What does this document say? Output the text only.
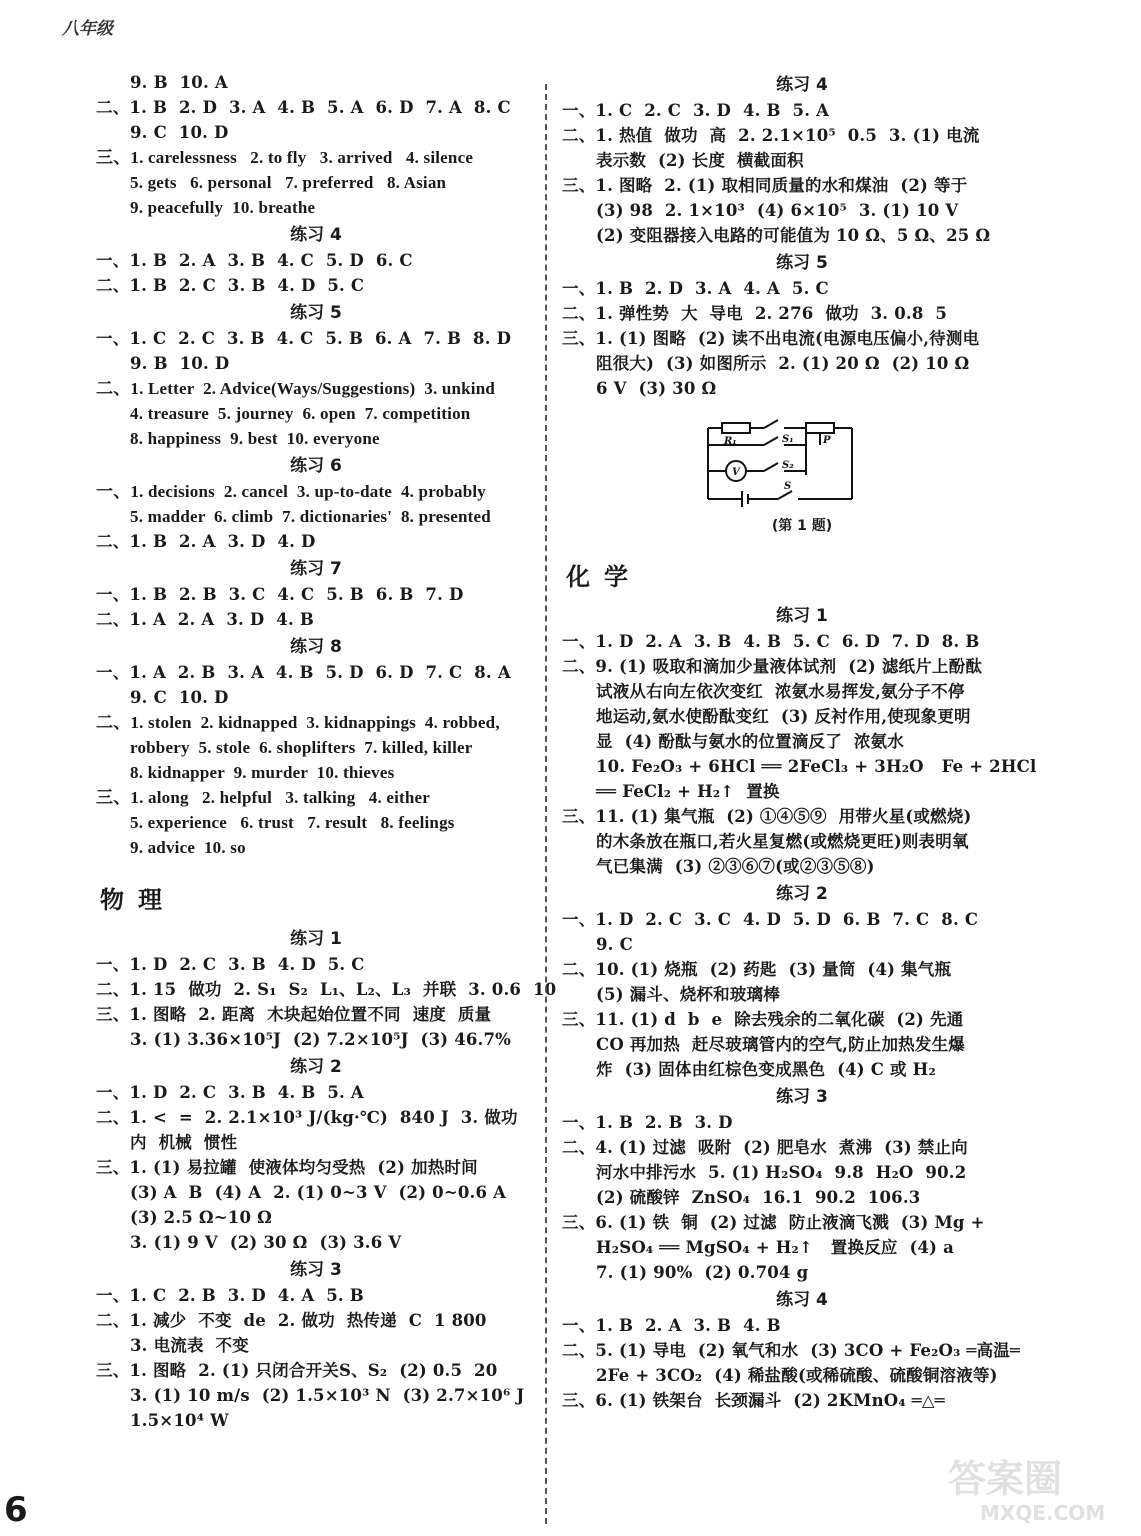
八年级
9. B  10. A
二、1. B  2. D  3. A  4. B  5. A  6. D  7. A  8. C
9. C  10. D
三、1. carelessness   2. to fly   3. arrived   4. silence
5. gets   6. personal   7. preferred   8. Asian
9. peacefully  10. breathe
练习 4
一、1. B  2. A  3. B  4. C  5. D  6. C
二、1. B  2. C  3. B  4. D  5. C
练习 5
一、1. C  2. C  3. B  4. C  5. B  6. A  7. B  8. D
9. B  10. D
二、1. Letter  2. Advice(Ways/Suggestions)  3. unkind
4. treasure  5. journey  6. open  7. competition
8. happiness  9. best  10. everyone
练习 6
一、1. decisions  2. cancel  3. up-to-date  4. probably
5. madder  6. climb  7. dictionaries'  8. presented
二、1. B  2. A  3. D  4. D
练习 7
一、1. B  2. B  3. C  4. C  5. B  6. B  7. D
二、1. A  2. A  3. D  4. B
练习 8
一、1. A  2. B  3. A  4. B  5. D  6. D  7. C  8. A
9. C  10. D
二、1. stolen  2. kidnapped  3. kidnappings  4. robbed,
robbery  5. stole  6. shoplifters  7. killed, killer
8. kidnapper  9. murder  10. thieves
三、1. along   2. helpful   3. talking   4. either
5. experience   6. trust   7. result   8. feelings
9. advice  10. so
物理
练习 1
一、1. D  2. C  3. B  4. D  5. C
二、1. 15  做功  2. S₁  S₂  L₁、L₂、L₃  并联  3. 0.6  10
三、1. 图略  2. 距离  木块起始位置不同  速度  质量
3. (1) 3.36×10⁵J  (2) 7.2×10⁵J  (3) 46.7%
练习 2
一、1. D  2. C  3. B  4. B  5. A
二、1. <  =  2. 2.1×10³ J/(kg·℃)  840 J  3. 做功
内  机械  惯性
三、1. (1) 易拉罐  使液体均匀受热  (2) 加热时间
(3) A  B  (4) A  2. (1) 0~3 V  (2) 0~0.6 A
(3) 2.5 Ω~10 Ω
3. (1) 9 V  (2) 30 Ω  (3) 3.6 V
练习 3
一、1. C  2. B  3. D  4. A  5. B
二、1. 减少  不变  de  2. 做功  热传递  C  1 800
3. 电流表  不变
三、1. 图略  2. (1) 只闭合开关S、S₂  (2) 0.5  20
3. (1) 10 m/s  (2) 1.5×10³ N  (3) 2.7×10⁶ J
1.5×10⁴ W
练习 4
一、1. C  2. C  3. D  4. B  5. A
二、1. 热值  做功  高  2. 2.1×10⁵  0.5  3. (1) 电流
表示数  (2) 长度  横截面积
三、1. 图略  2. (1) 取相同质量的水和煤油  (2) 等于
(3) 98  2. 1×10³  (4) 6×10⁵  3. (1) 10 V
(2) 变阻器接入电路的可能值为 10 Ω、5 Ω、25 Ω
练习 5
一、1. B  2. D  3. A  4. A  5. C
二、1. 弹性势  大  导电  2. 276  做功  3. 0.8  5
三、1. (1) 图略  (2) 读不出电流(电源电压偏小,待测电
阻很大)  (3) 如图所示  2. (1) 20 Ω  (2) 10 Ω
6 V  (3) 30 Ω
R₁	S₁
V
S₂
S
P
(第 1 题)
化学
练习 1
一、1. D  2. A  3. B  4. B  5. C  6. D  7. D  8. B
二、9. (1) 吸取和滴加少量液体试剂  (2) 滤纸片上酚酞
试液从右向左依次变红  浓氨水易挥发,氨分子不停
地运动,氨水使酚酞变红  (3) 反衬作用,使现象更明
显  (4) 酚酞与氨水的位置滴反了  浓氨水
10. Fe₂O₃ + 6HCl ══ 2FeCl₃ + 3H₂O   Fe + 2HCl
══ FeCl₂ + H₂↑  置换
三、11. (1) 集气瓶  (2) ①④⑤⑨  用带火星(或燃烧)
的木条放在瓶口,若火星复燃(或燃烧更旺)则表明氧
气已集满  (3) ②③⑥⑦(或②③⑤⑧)
练习 2
一、1. D  2. C  3. C  4. D  5. D  6. B  7. C  8. C
9. C
二、10. (1) 烧瓶  (2) 药匙  (3) 量筒  (4) 集气瓶
(5) 漏斗、烧杯和玻璃棒
三、11. (1) d  b  e  除去残余的二氧化碳  (2) 先通
CO 再加热  赶尽玻璃管内的空气,防止加热发生爆
炸  (3) 固体由红棕色变成黑色  (4) C 或 H₂
练习 3
一、1. B  2. B  3. D
二、4. (1) 过滤  吸附  (2) 肥皂水  煮沸  (3) 禁止向
河水中排污水  5. (1) H₂SO₄  9.8  H₂O  90.2
(2) 硫酸锌  ZnSO₄  16.1  90.2  106.3
三、6. (1) 铁  铜  (2) 过滤  防止液滴飞溅  (3) Mg +
H₂SO₄ ══ MgSO₄ + H₂↑   置换反应  (4) a
7. (1) 90%  (2) 0.704 g
练习 4
一、1. B  2. A  3. B  4. B
二、5. (1) 导电  (2) 氧气和水  (3) 3CO + Fe₂O₃ ═高温═
2Fe + 3CO₂  (4) 稀盐酸(或稀硫酸、硫酸铜溶液等)
三、6. (1) 铁架台  长颈漏斗  (2) 2KMnO₄ ═△═
6
答案圈
MXQE.COM
